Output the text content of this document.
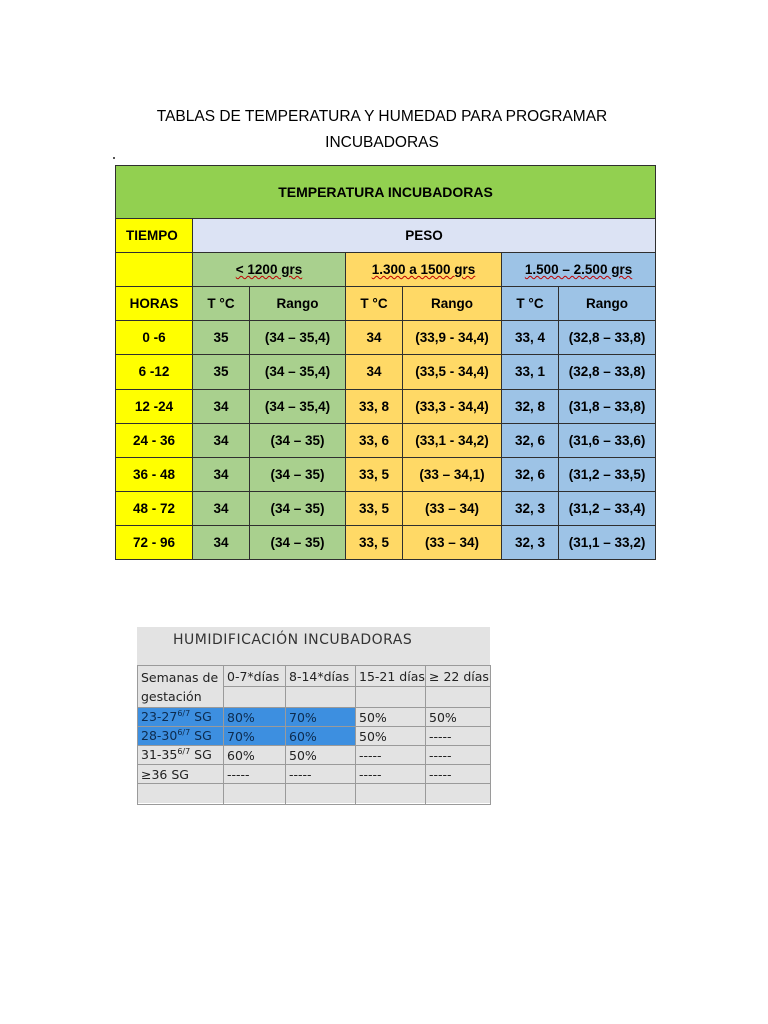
TABLAS DE TEMPERATURA Y HUMEDAD PARA PROGRAMAR
INCUBADORAS
TEMPERATURA INCUBADORAS						
TIEMPO	PESO					
	< 1200 grs		1.300 a 1500 grs		1.500 – 2.500 grs	
HORAS	T °C	Rango	T °C	Rango	T °C	Rango
0 -6	35	(34 – 35,4)	34	(33,9 - 34,4)	33, 4	(32,8 – 33,8)
6 -12	35	(34 – 35,4)	34	(33,5 - 34,4)	33, 1	(32,8 – 33,8)
12 -24	34	(34 – 35,4)	33, 8	(33,3 - 34,4)	32, 8	(31,8 – 33,8)
24 - 36	34	(34 – 35)	33, 6	(33,1 - 34,2)	32, 6	(31,6 – 33,6)
36 - 48	34	(34 – 35)	33, 5	(33 – 34,1)	32, 6	(31,2 – 33,5)
48 - 72	34	(34 – 35)	33, 5	(33 – 34)	32, 3	(31,2 – 33,4)
72 - 96	34	(34 – 35)	33, 5	(33 – 34)	32, 3	(31,1 – 33,2)
HUMIDIFICACIÓN INCUBADORAS
Semanas de
gestación	0-7*días	8-14*días	15-21 días	≥ 22 días

$23-27^{6/7}$ SG	80%	70%	50%	50%
$28-30^{6/7}$ SG	70%	60%	50%	-----
$31-35^{6/7}$ SG	60%	50%	-----	-----
≥36 SG	-----	-----	-----	-----
